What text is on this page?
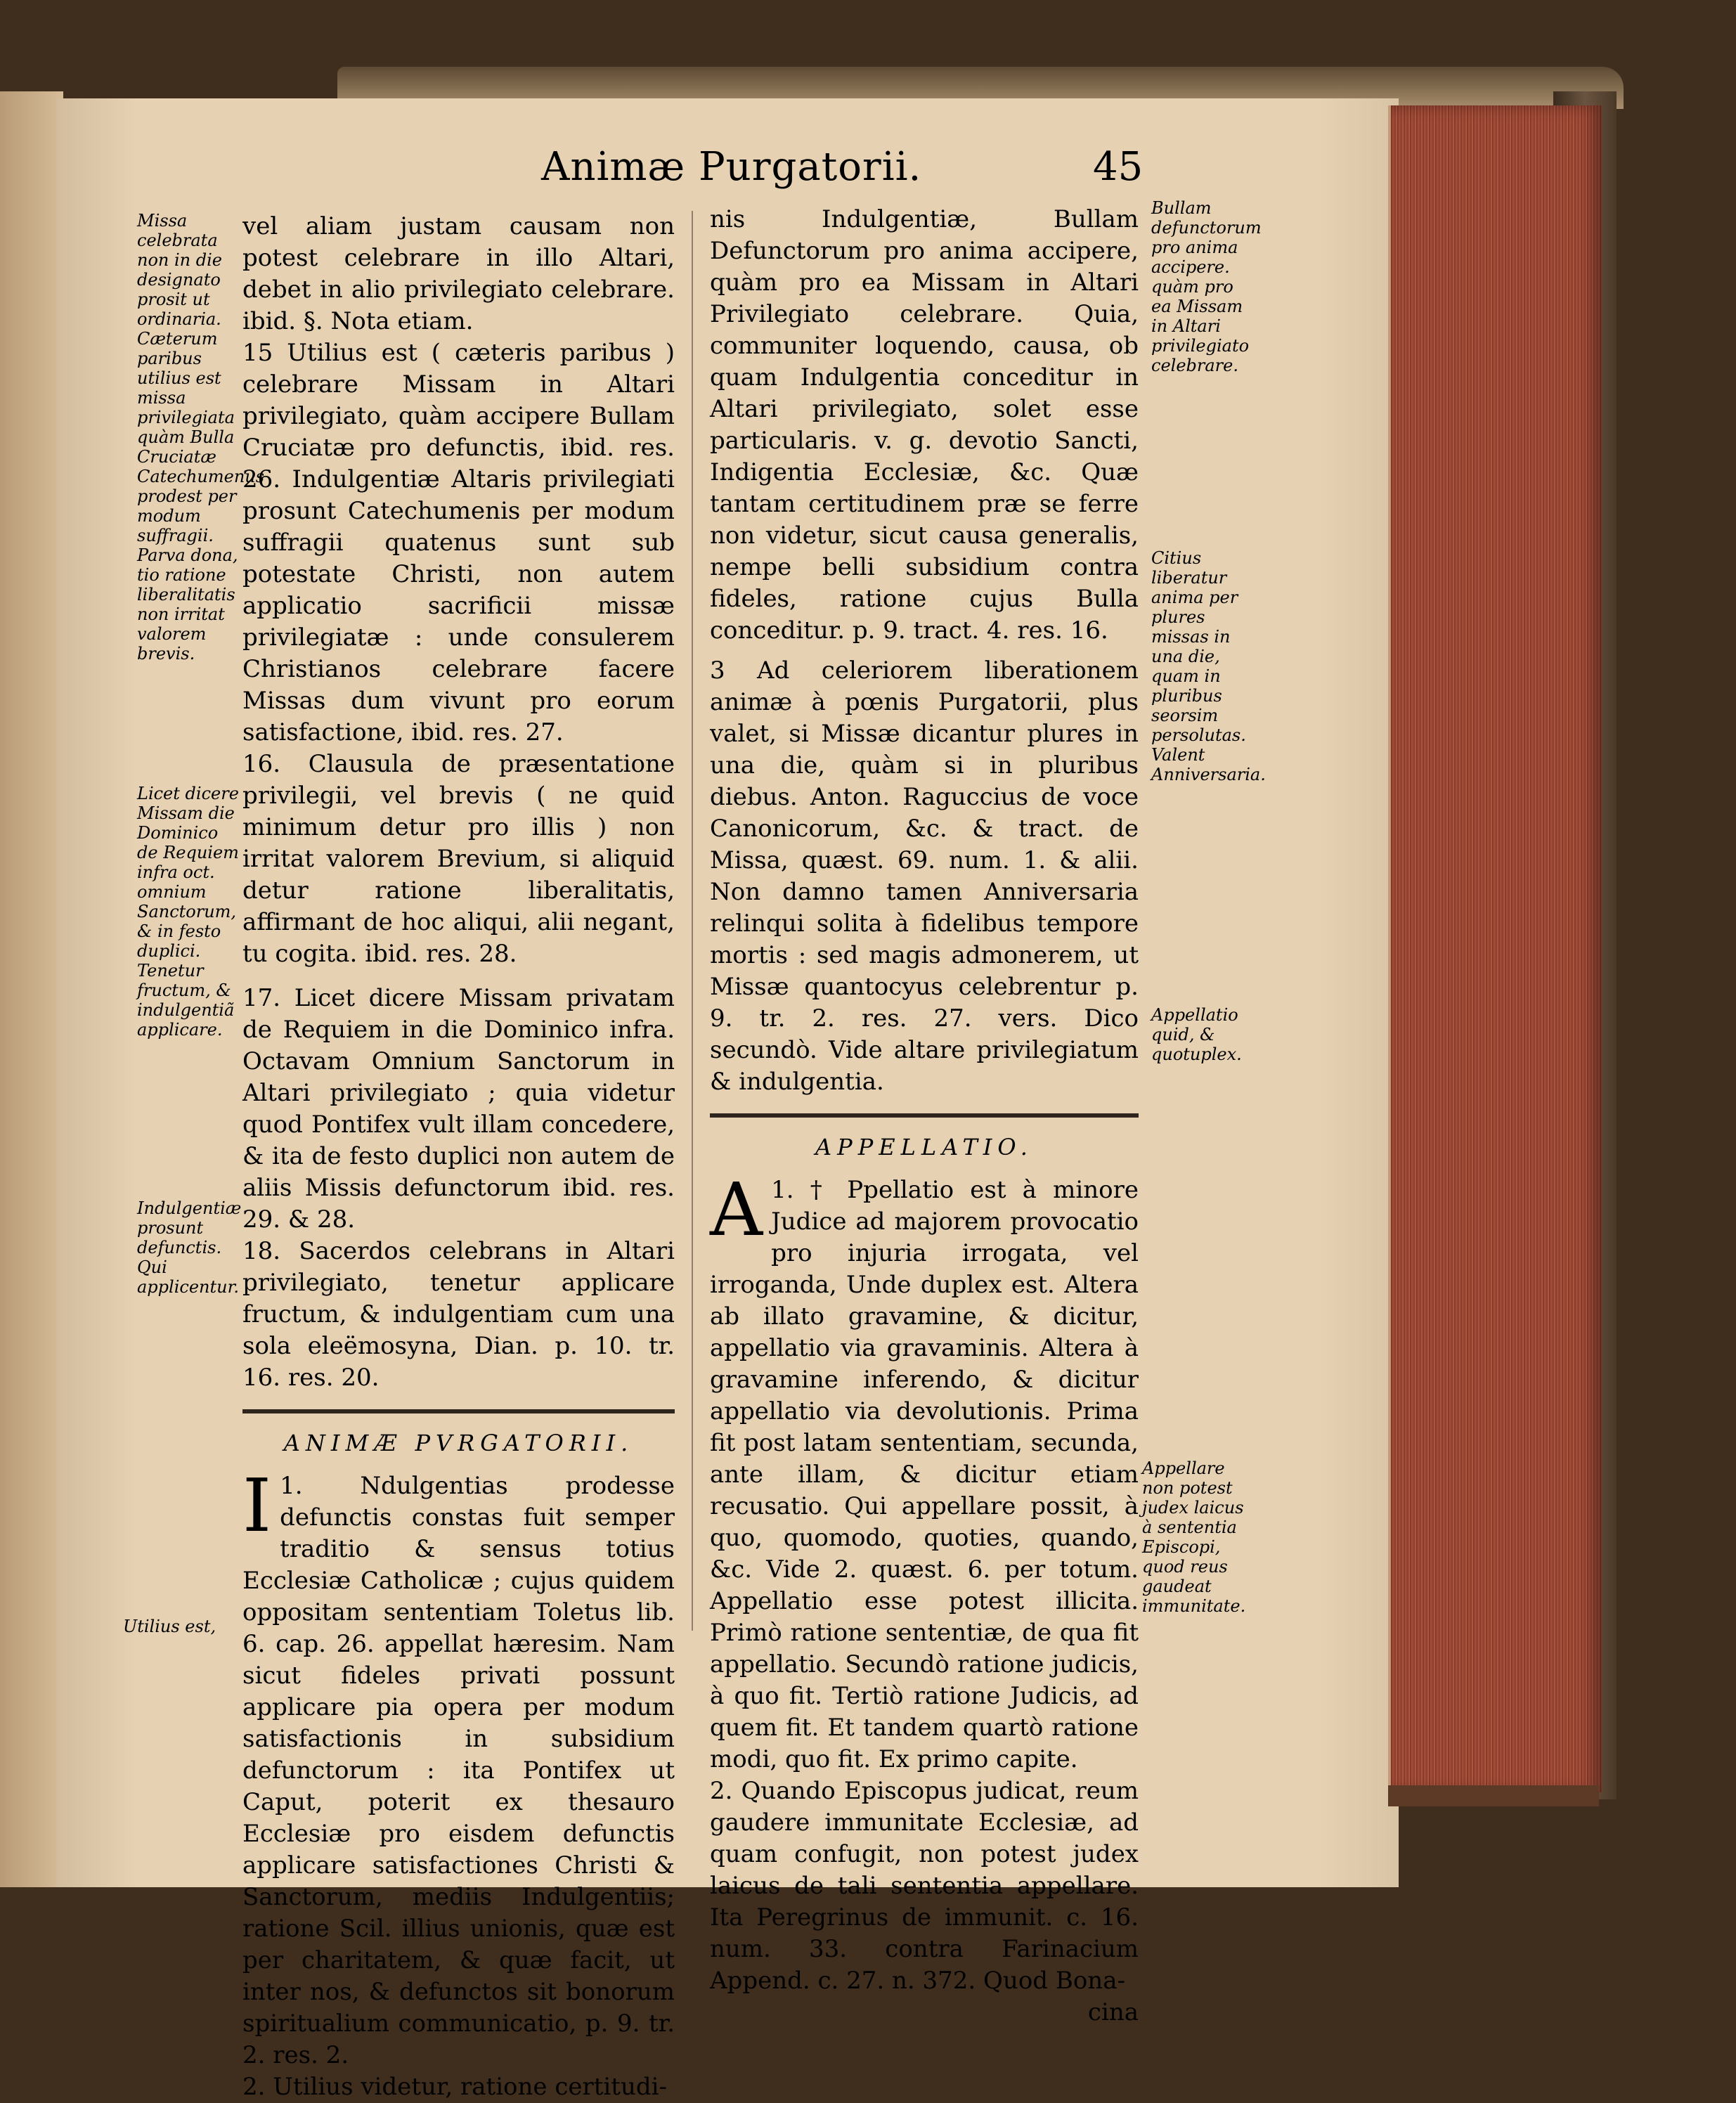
Animæ Purgatorii.	45

vel aliam justam causam non potest celebrare in illo Altari, debet in alio privilegiato celebrare. ibid. §. Nota etiam.

15 Utilius est ( cæteris paribus ) celebrare Missam in Altari privilegiato, quàm accipere Bullam Cruciatæ pro defunctis, ibid. res. 26. Indulgentiæ Altaris privilegiati prosunt Catechumenis per modum suffragii quatenus sunt sub potestate Christi, non autem applicatio sacrificii missæ privilegiatæ : unde consulerem Christianos celebrare facere Missas dum vivunt pro eorum satisfactione, ibid. res. 27.

16. Clausula de præsentatione privilegii, vel brevis ( ne quid minimum detur pro illis ) non irritat valorem Brevium, si aliquid detur ratione liberalitatis, affirmant de hoc aliqui, alii negant, tu cogita. ibid. res. 28.

17. Licet dicere Missam privatam de Requiem in die Dominico infra. Octavam Omnium Sanctorum in Altari privilegiato ; quia videtur quod Pontifex vult illam concedere, & ita de festo duplici non autem de aliis Missis defunctorum ibid. res. 29. & 28.

18. Sacerdos celebrans in Altari privilegiato, tenetur applicare fructum, & indulgentiam cum una sola eleëmosyna, Dian. p. 10. tr. 16. res. 20.

ANIMÆ PVRGATORII.

1.
I	Ndulgentias prodesse defunctis constas fuit semper traditio & sensus totius Ecclesiæ Catholicæ ; cujus quidem oppositam sententiam Toletus lib. 6. cap. 26. appellat hæresim. Nam sicut fideles privati possunt applicare pia opera per modum satisfactionis in subsidium defunctorum : ita Pontifex ut Caput, poterit ex thesauro Ecclesiæ pro eisdem defunctis applicare satisfactiones Christi & Sanctorum, mediis Indulgentiis; ratione Scil. illius unionis, quæ est per charitatem, & quæ facit, ut inter nos, & defunctos sit bonorum spiritualium communicatio, p. 9. tr. 2. res. 2.

2. Utilius videtur, ratione certitudi-

nis Indulgentiæ, Bullam Defunctorum pro anima accipere, quàm pro ea Missam in Altari Privilegiato celebrare. Quia, communiter loquendo, causa, ob quam Indulgentia conceditur in Altari privilegiato, solet esse particularis. v. g. devotio Sancti, Indigentia Ecclesiæ, &c. Quæ tantam certitudinem præ se ferre non videtur, sicut causa generalis, nempe belli subsidium contra fideles, ratione cujus Bulla conceditur. p. 9. tract. 4. res. 16.

3 Ad celeriorem liberationem animæ à pœnis Purgatorii, plus valet, si Missæ dicantur plures in una die, quàm si in pluribus diebus. Anton. Raguccius de voce Canonicorum, &c. & tract. de Missa, quæst. 69. num. 1. & alii. Non damno tamen Anniversaria relinqui solita à fidelibus tempore mortis : sed magis admonerem, ut Missæ quantocyus celebrentur p. 9. tr. 2. res. 27. vers. Dico secundò. Vide altare privilegiatum & indulgentia.

APPELLATIO.

1. †
A	Ppellatio est à minore Judice ad majorem provocatio pro injuria irrogata, vel irroganda, Unde duplex est. Altera ab illato gravamine, & dicitur, appellatio via gravaminis. Altera à gravamine inferendo, & dicitur appellatio via devolutionis. Prima fit post latam sententiam, secunda, ante illam, & dicitur etiam recusatio. Qui appellare possit, à quo, quomodo, quoties, quando, &c. Vide 2. quæst. 6. per totum. Appellatio esse potest illicita. Primò ratione sententiæ, de qua fit appellatio. Secundò ratione judicis, à quo fit. Tertiò ratione Judicis, ad quem fit. Et tandem quartò ratione modi, quo fit. Ex primo capite.

2. Quando Episcopus judicat, reum gaudere immunitate Ecclesiæ, ad quam confugit, non potest judex laicus de tali sententia appellare. Ita Peregrinus de immunit. c. 16. num. 33. contra Farinacium Append. c. 27. n. 372. Quod Bona-

cina

Missa celebrata non in die designato prosit ut ordinaria. Cæterum paribus utilius est missa privilegiata quàm Bulla Cruciatæ Catechumenus prodest per modum suffragii. Parva dona, tio ratione liberalitatis non irritat valorem brevis.
Licet dicere Missam die Dominico de Requiem infra oct. omnium Sanctorum, & in festo duplici. Tenetur fructum, & indulgentiã applicare.
Indulgentiæ prosunt defunctis. Qui applicentur.
Utilius est,
Bullam defunctorum pro anima accipere. quàm pro ea Missam in Altari privilegiato celebrare.
Citius liberatur anima per plures missas in una die, quam in pluribus seorsim persolutas. Valent Anniversaria.
Appellatio quid, & quotuplex.
Appellare non potest judex laicus à sententia Episcopi, quod reus gaudeat immunitate.
